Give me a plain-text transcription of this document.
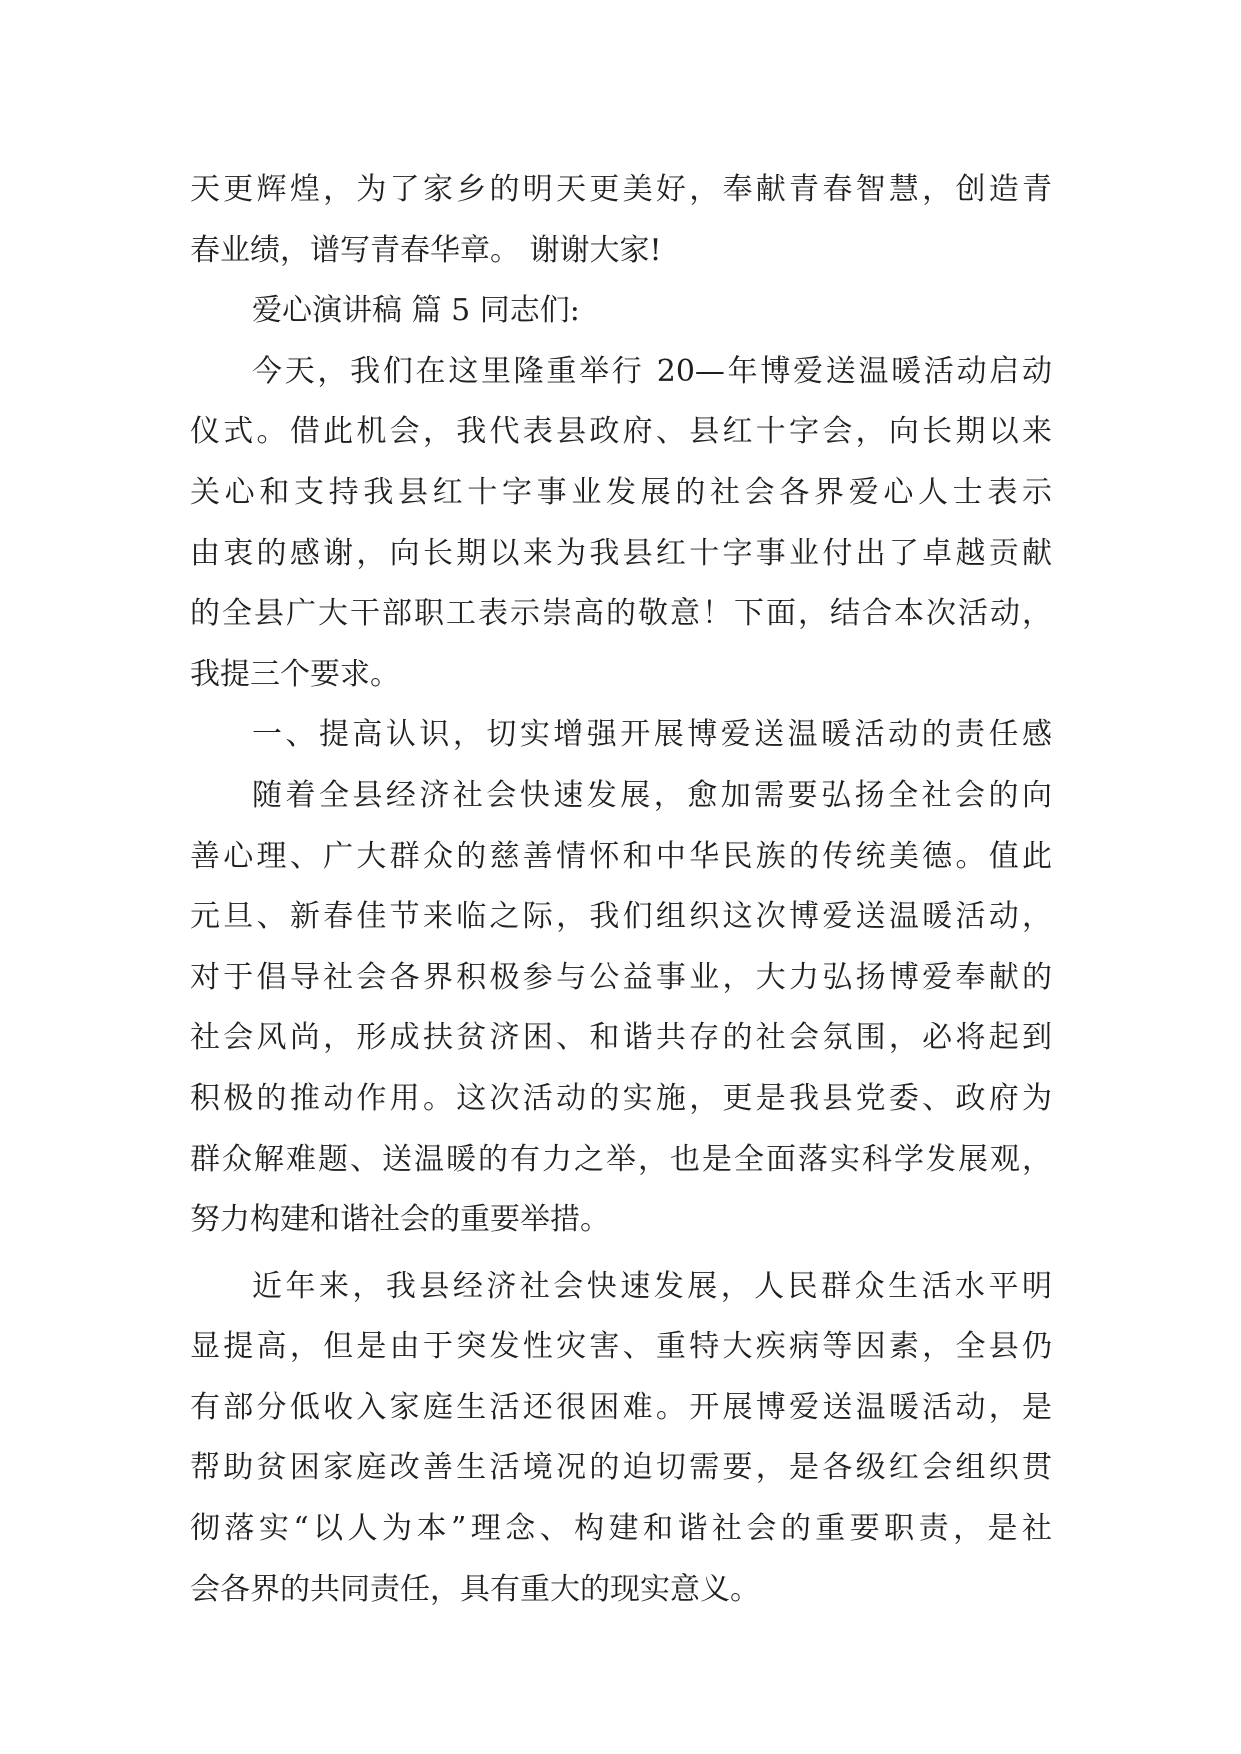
天更辉煌，为了家乡的明天更美好，奉献青春智慧，创造青
春业绩，谱写青春华章。 谢谢大家!
爱心演讲稿 篇 5 同志们:
今天，我们在这里隆重举行 20—年博爱送温暖活动启动
仪式。借此机会，我代表县政府、县红十字会，向长期以来
关心和支持我县红十字事业发展的社会各界爱心人士表示
由衷的感谢，向长期以来为我县红十字事业付出了卓越贡献
的全县广大干部职工表示崇高的敬意！下面，结合本次活动，
我提三个要求。
一、提高认识，切实增强开展博爱送温暖活动的责任感
随着全县经济社会快速发展，愈加需要弘扬全社会的向
善心理、广大群众的慈善情怀和中华民族的传统美德。值此
元旦、新春佳节来临之际，我们组织这次博爱送温暖活动，
对于倡导社会各界积极参与公益事业，大力弘扬博爱奉献的
社会风尚，形成扶贫济困、和谐共存的社会氛围，必将起到
积极的推动作用。这次活动的实施，更是我县党委、政府为
群众解难题、送温暖的有力之举，也是全面落实科学发展观，
努力构建和谐社会的重要举措。
近年来，我县经济社会快速发展，人民群众生活水平明
显提高，但是由于突发性灾害、重特大疾病等因素，全县仍
有部分低收入家庭生活还很困难。开展博爱送温暖活动，是
帮助贫困家庭改善生活境况的迫切需要，是各级红会组织贯
彻落实“以人为本”理念、构建和谐社会的重要职责，是社
会各界的共同责任，具有重大的现实意义。
